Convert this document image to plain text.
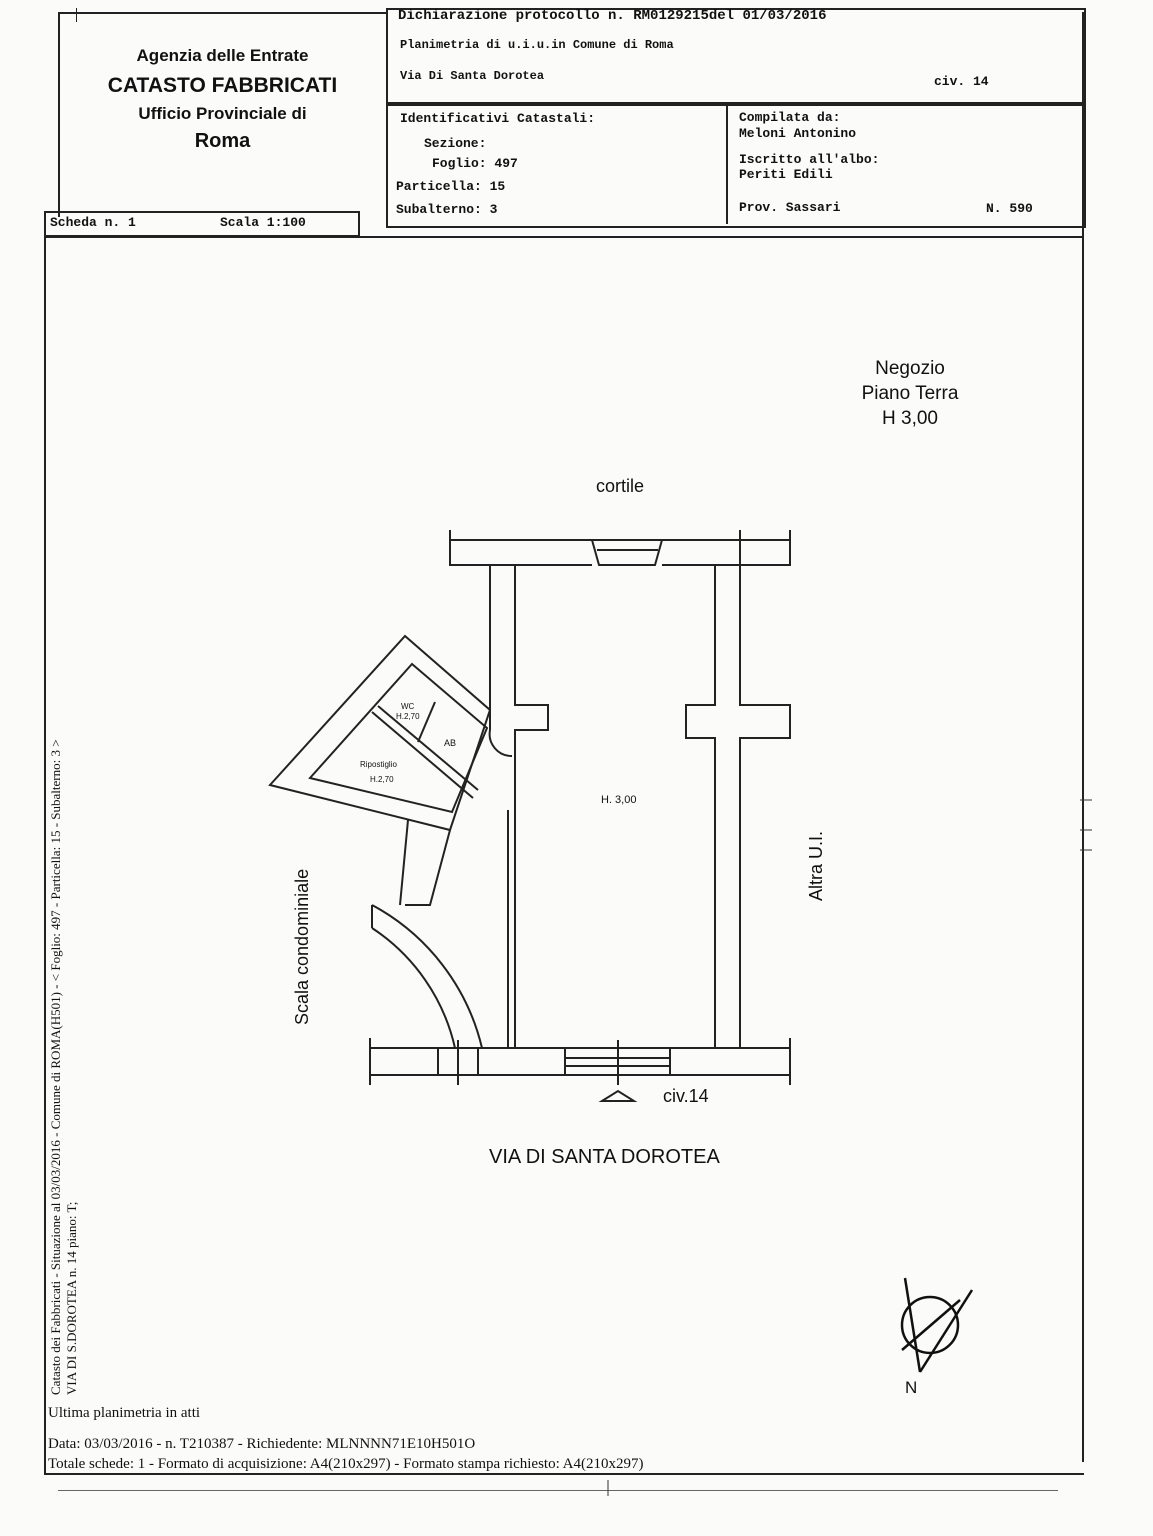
Agenzia delle Entrate
CATASTO FABBRICATI
Ufficio Provinciale di
Roma
Dichiarazione protocollo n. RM0129215del 01/03/2016
Planimetria di u.i.u.in Comune di Roma
Via Di Santa Dorotea	civ. 14
Identificativi Catastali:
Sezione:
Foglio: 497
Particella: 15
Subalterno: 3
Compilata da:
Meloni Antonino
Iscritto all'albo:
Periti Edili
Prov. Sassari	N. 590
Scheda n. 1	Scala 1:100
Negozio
Piano Terra
H 3,00
cortile
H. 3,00
WC
H.2,70
AB
Ripostiglio
H.2,70
Scala condominiale
Altra U.I.
civ.14
VIA DI SANTA DOROTEA
N
Catasto dei Fabbricati - Situazione al 03/03/2016 - Comune di ROMA(H501) - < Foglio: 497 - Particella: 15 - Subalterno: 3 > VIA DI S.DOROTEA n. 14 piano: T;
Ultima planimetria in atti
Data: 03/03/2016 - n. T210387 - Richiedente: MLNNNN71E10H501O
Totale schede: 1 - Formato di acquisizione: A4(210x297) - Formato stampa richiesto: A4(210x297)
